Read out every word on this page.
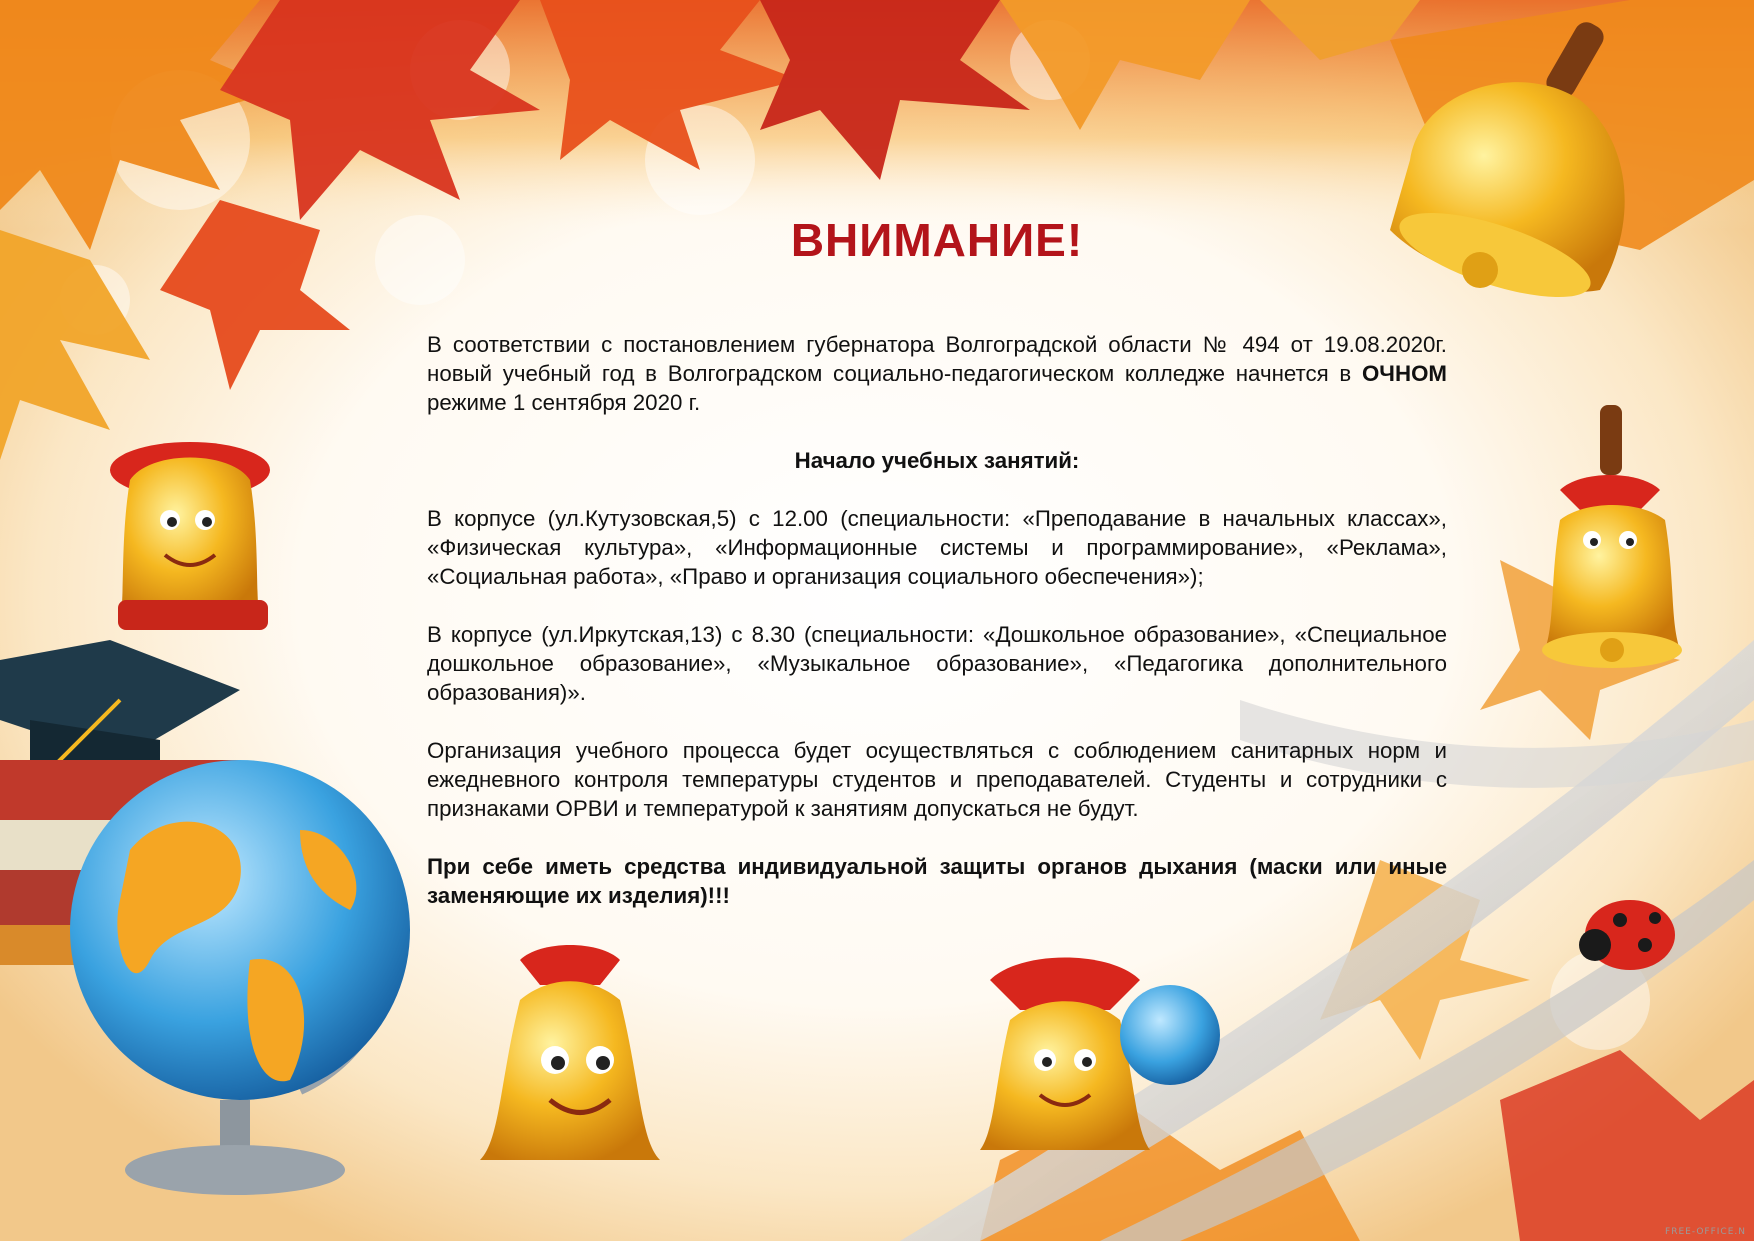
ВНИМАНИЕ!

В соответствии с постановлением губернатора Волгоградской области № 494 от 19.08.2020г. новый учебный год в Волгоградском социально-педагогическом колледже начнется в ОЧНОМ режиме 1 сентября 2020 г.

Начало учебных занятий:

В корпусе (ул.Кутузовская,5) с 12.00 (специальности: «Преподавание в начальных классах», «Физическая культура», «Информационные системы и программирование», «Реклама», «Социальная работа», «Право и организация социального обеспечения»);

В корпусе (ул.Иркутская,13) с 8.30 (специальности: «Дошкольное образование», «Специальное дошкольное образование», «Музыкальное образование», «Педагогика дополнительного образования)».

Организация учебного процесса будет осуществляться с соблюдением санитарных норм и ежедневного контроля температуры студентов и преподавателей. Студенты и сотрудники с признаками ОРВИ и температурой к занятиям допускаться не будут.

При себе иметь средства индивидуальной защиты органов дыхания (маски или иные заменяющие их изделия)!!!

FREE-OFFICE.N
